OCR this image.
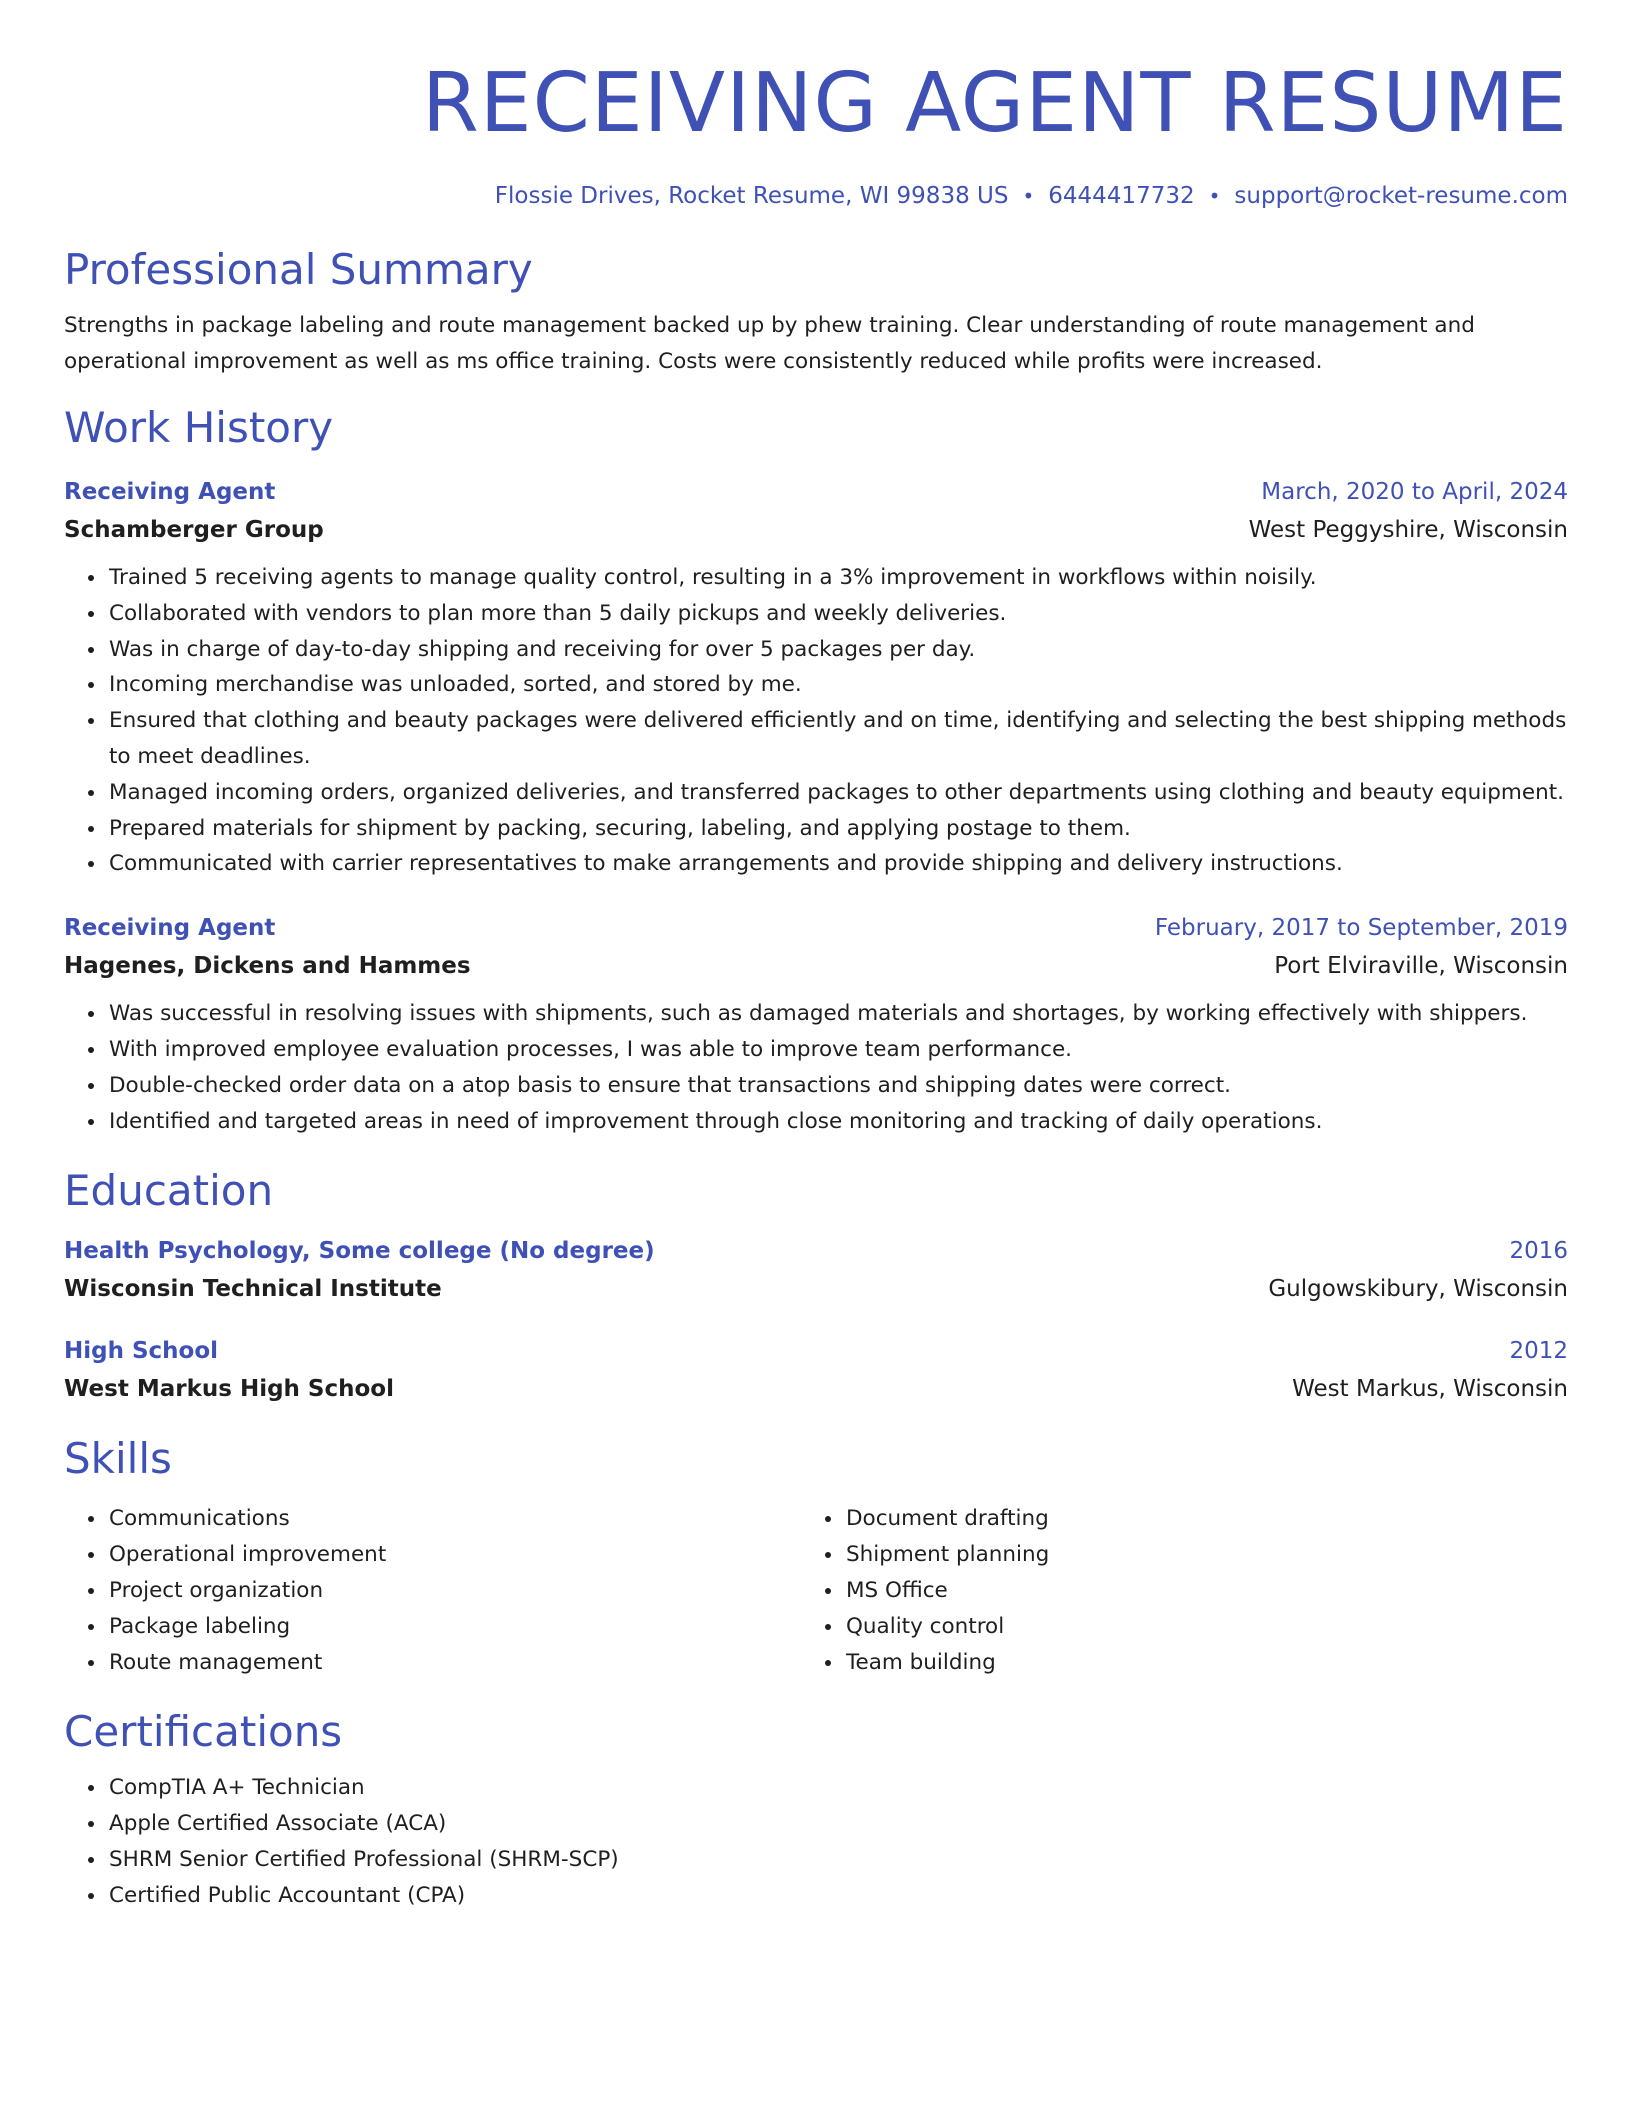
RECEIVING AGENT RESUME
Flossie Drives, Rocket Resume, WI 99838 US • 6444417732 • support@rocket-resume.com
Professional Summary
Strengths in package labeling and route management backed up by phew training. Clear understanding of route management and operational improvement as well as ms office training. Costs were consistently reduced while profits were increased.
Work History
Receiving Agent	March, 2020 to April, 2024
Schamberger Group	West Peggyshire, Wisconsin
• Trained 5 receiving agents to manage quality control, resulting in a 3% improvement in workflows within noisily.
• Collaborated with vendors to plan more than 5 daily pickups and weekly deliveries.
• Was in charge of day-to-day shipping and receiving for over 5 packages per day.
• Incoming merchandise was unloaded, sorted, and stored by me.
• Ensured that clothing and beauty packages were delivered efficiently and on time, identifying and selecting the best shipping methods to meet deadlines.
• Managed incoming orders, organized deliveries, and transferred packages to other departments using clothing and beauty equipment.
• Prepared materials for shipment by packing, securing, labeling, and applying postage to them.
• Communicated with carrier representatives to make arrangements and provide shipping and delivery instructions.
Receiving Agent	February, 2017 to September, 2019
Hagenes, Dickens and Hammes	Port Elviraville, Wisconsin
• Was successful in resolving issues with shipments, such as damaged materials and shortages, by working effectively with shippers.
• With improved employee evaluation processes, I was able to improve team performance.
• Double-checked order data on a atop basis to ensure that transactions and shipping dates were correct.
• Identified and targeted areas in need of improvement through close monitoring and tracking of daily operations.
Education
Health Psychology, Some college (No degree)	2016
Wisconsin Technical Institute	Gulgowskibury, Wisconsin
High School	2012
West Markus High School	West Markus, Wisconsin
Skills
• Communications
• Operational improvement
• Project organization
• Package labeling
• Route management
• Document drafting
• Shipment planning
• MS Office
• Quality control
• Team building
Certifications
• CompTIA A+ Technician
• Apple Certified Associate (ACA)
• SHRM Senior Certified Professional (SHRM-SCP)
• Certified Public Accountant (CPA)
